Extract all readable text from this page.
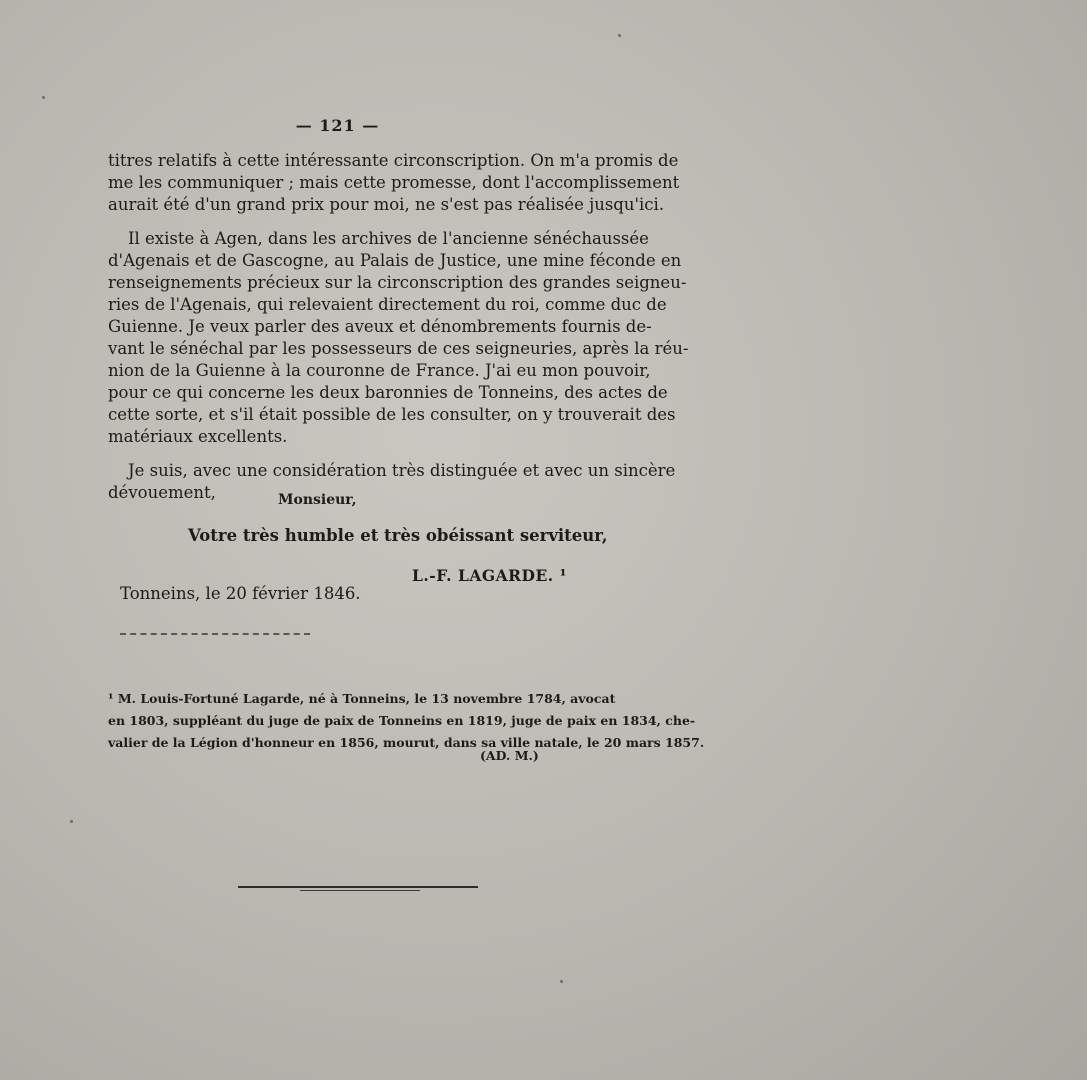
— 121 —
titres relatifs à cette intéressante circonscription. On m'a promis de
me les communiquer ; mais cette promesse, dont l'accomplissement
aurait été d'un grand prix pour moi, ne s'est pas réalisée jusqu'ici.
Il existe à Agen, dans les archives de l'ancienne sénéchaussée
d'Agenais et de Gascogne, au Palais de Justice, une mine féconde en
renseignements précieux sur la circonscription des grandes seigneu-
ries de l'Agenais, qui relevaient directement du roi, comme duc de
Guienne. Je veux parler des aveux et dénombrements fournis de-
vant le sénéchal par les possesseurs de ces seigneuries, après la réu-
nion de la Guienne à la couronne de France. J'ai eu mon pouvoir,
pour ce qui concerne les deux baronnies de Tonneins, des actes de
cette sorte, et s'il était possible de les consulter, on y trouverait des
matériaux excellents.
Je suis, avec une considération très distinguée et avec un sincère
dévouement,	Monsieur,
Votre très humble et très obéissant serviteur,
L.-F. LAGARDE. ¹
Tonneins, le 20 février 1846.
¹ M. Louis-Fortuné Lagarde, né à Tonneins, le 13 novembre 1784, avocat
en 1803, suppléant du juge de paix de Tonneins en 1819, juge de paix en 1834, che-
valier de la Légion d'honneur en 1856, mourut, dans sa ville natale, le 20 mars 1857.
(AD. M.)
